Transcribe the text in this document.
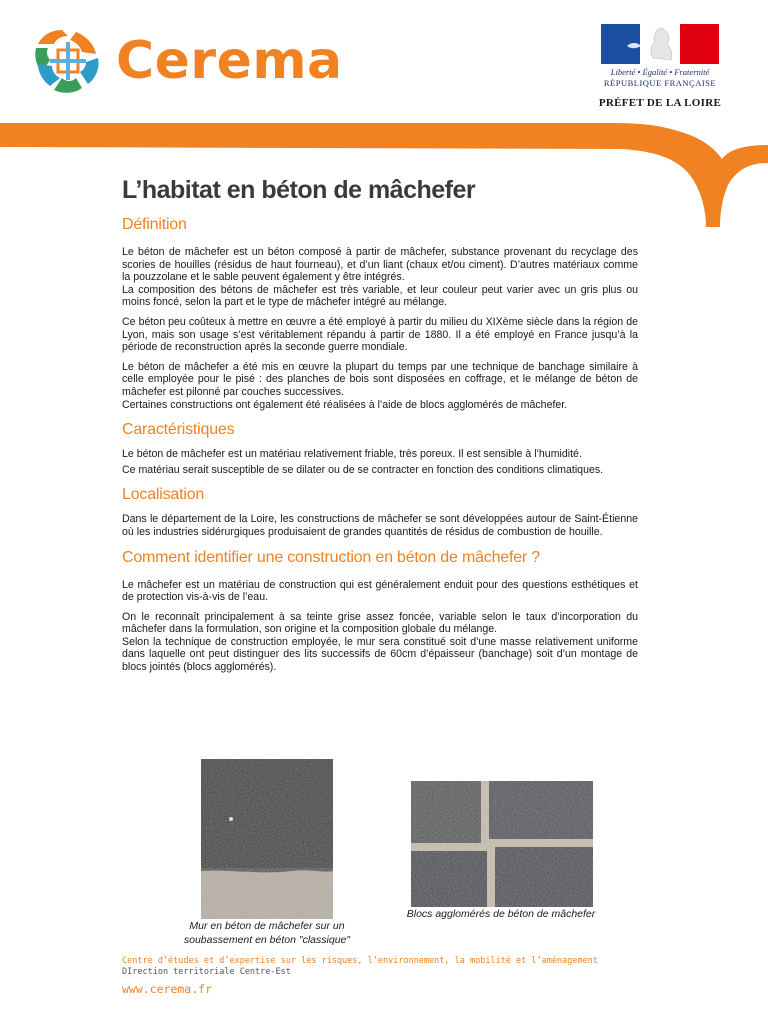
Cerema	Liberté • Égalité • Fraternité
RÉPUBLIQUE FRANÇAISE
PRÉFET DE LA LOIRE
L’habitat en béton de mâchefer
Définition

Le béton de mâchefer est un béton composé à partir de mâchefer, substance provenant du recyclage des scories de houilles (résidus de haut fourneau), et d’un liant (chaux et/ou ciment). D’autres matériaux comme la pouzzolane et le sable peuvent également y être intégrés.

La composition des bétons de mâchefer est très variable, et leur couleur peut varier avec un gris plus ou moins foncé, selon la part et le type de mâchefer intégré au mélange.

Ce béton peu coûteux à mettre en œuvre a été employé à partir du milieu du XIXème siècle dans la région de Lyon, mais son usage s’est véritablement répandu à partir de 1880. Il a été employé en France jusqu’à la période de reconstruction après la seconde guerre mondiale.

Le béton de mâchefer a été mis en œuvre la plupart du temps par une technique de banchage similaire à celle employée pour le pisé : des planches de bois sont disposées en coffrage, et le mélange de béton de mâchefer est pilonné par couches successives.

Certaines constructions ont également été réalisées à l’aide de blocs agglomérés de mâchefer.

Caractéristiques

Le béton de mâchefer est un matériau relativement friable, très poreux. Il est sensible à l’humidité.

Ce matériau serait susceptible de se dilater ou de se contracter en fonction des conditions climatiques.

Localisation

Dans le département de la Loire, les constructions de mâchefer se sont développées autour de Saint-Étienne où les industries sidérurgiques produisaient de grandes quantités de résidus de combustion de houille.

Comment identifier une construction en béton de mâchefer ?

Le mâchefer est un matériau de construction qui est généralement enduit pour des questions esthétiques et de protection vis-à-vis de l’eau.

On le reconnaît principalement à sa teinte grise assez foncée, variable selon le taux d’incorporation du mâchefer dans la formulation, son origine et la composition globale du mélange.

Selon la technique de construction employée, le mur sera constitué soit d’une masse relativement uniforme dans laquelle ont peut distinguer des lits successifs de 60cm d’épaisseur (banchage) soit d’un montage de blocs jointés (blocs agglomérés).

Mur en béton de mâchefer sur un
soubassement en béton "classique"
Blocs agglomérés de béton de mâchefer
Centre d’études et d’expertise sur les risques, l’environnement, la mobilité et l’aménagement
DIrection territoriale Centre-Est
www.cerema.fr
